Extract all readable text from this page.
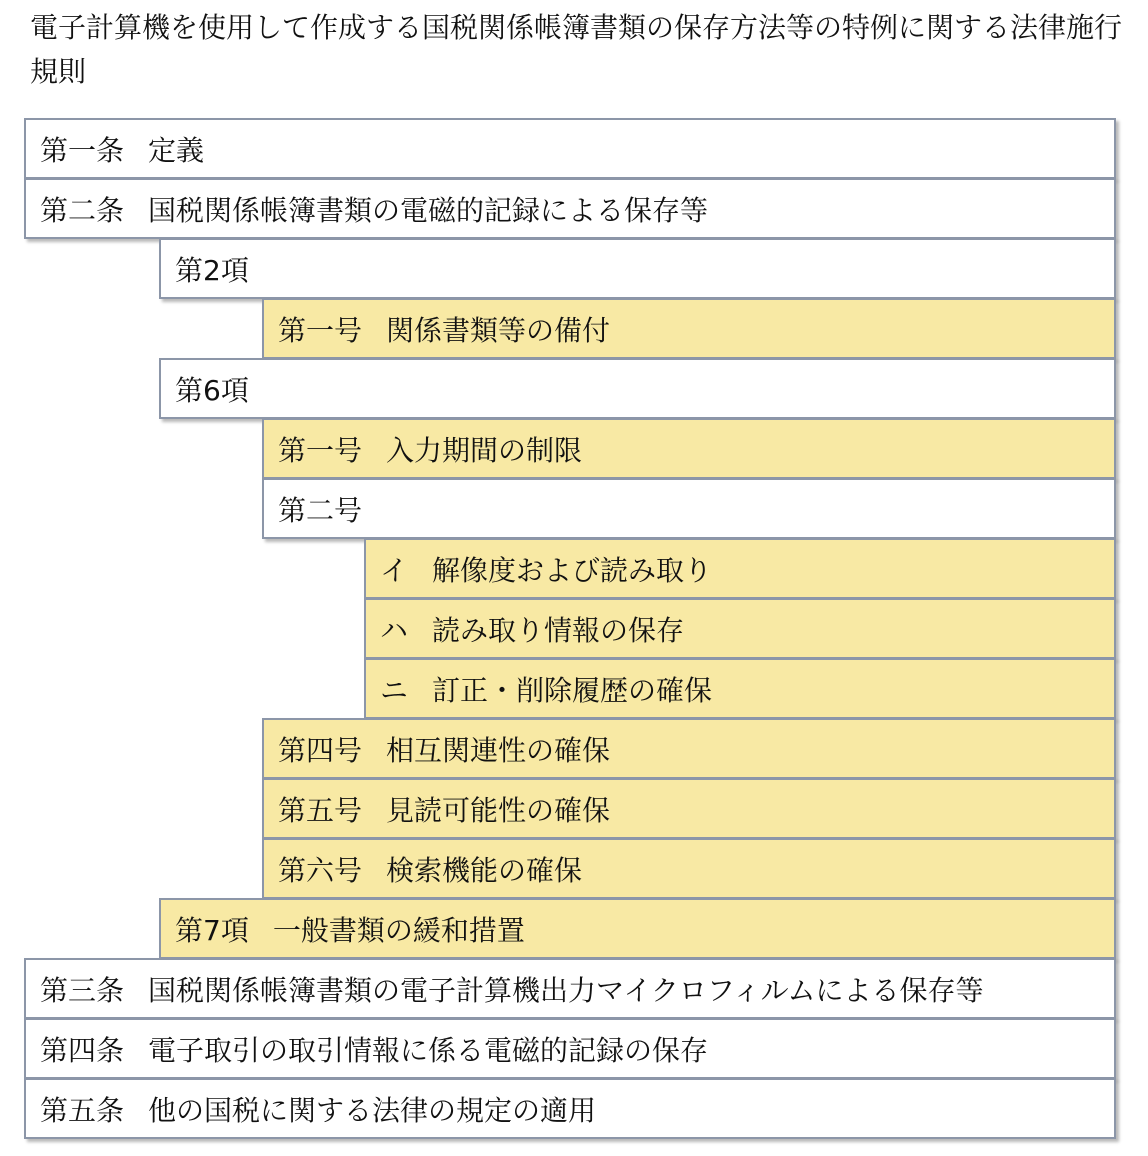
電子計算機を使用して作成する国税関係帳簿書類の保存方法等の特例に関する法律施行規則
第一条 定義
第二条 国税関係帳簿書類の電磁的記録による保存等
第2項
第一号 関係書類等の備付
第6項
第一号 入力期間の制限
第二号
イ 解像度および読み取り
ハ 読み取り情報の保存
ニ 訂正・削除履歴の確保
第四号 相互関連性の確保
第五号 見読可能性の確保
第六号 検索機能の確保
第7項 一般書類の緩和措置
第三条 国税関係帳簿書類の電子計算機出力マイクロフィルムによる保存等
第四条 電子取引の取引情報に係る電磁的記録の保存
第五条 他の国税に関する法律の規定の適用
